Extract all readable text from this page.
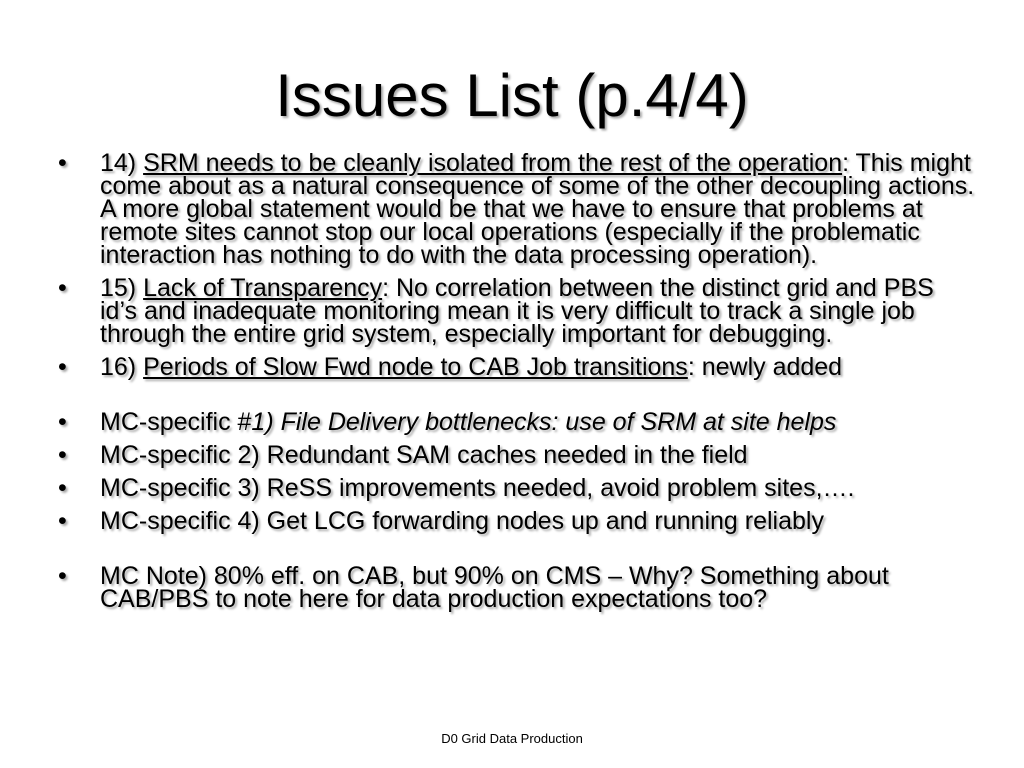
Issues List (p.4/4)
• 14) SRM needs to be cleanly isolated from the rest of the operation: This might come about as a natural consequence of some of the other decoupling actions. A more global statement would be that we have to ensure that problems at remote sites cannot stop our local operations (especially if the problematic interaction has nothing to do with the data processing operation).
• 15) Lack of Transparency: No correlation between the distinct grid and PBS id’s and inadequate monitoring mean it is very difficult to track a single job through the entire grid system, especially important for debugging.
• 16) Periods of Slow Fwd node to CAB Job transitions: newly added
• MC-specific #1) File Delivery bottlenecks: use of SRM at site helps
• MC-specific 2) Redundant SAM caches needed in the field
• MC-specific 3) ReSS improvements needed, avoid problem sites,….
• MC-specific 4) Get LCG forwarding nodes up and running reliably
• MC Note) 80% eff. on CAB, but 90% on CMS – Why? Something about CAB/PBS to note here for data production expectations too?
D0 Grid Data Production
